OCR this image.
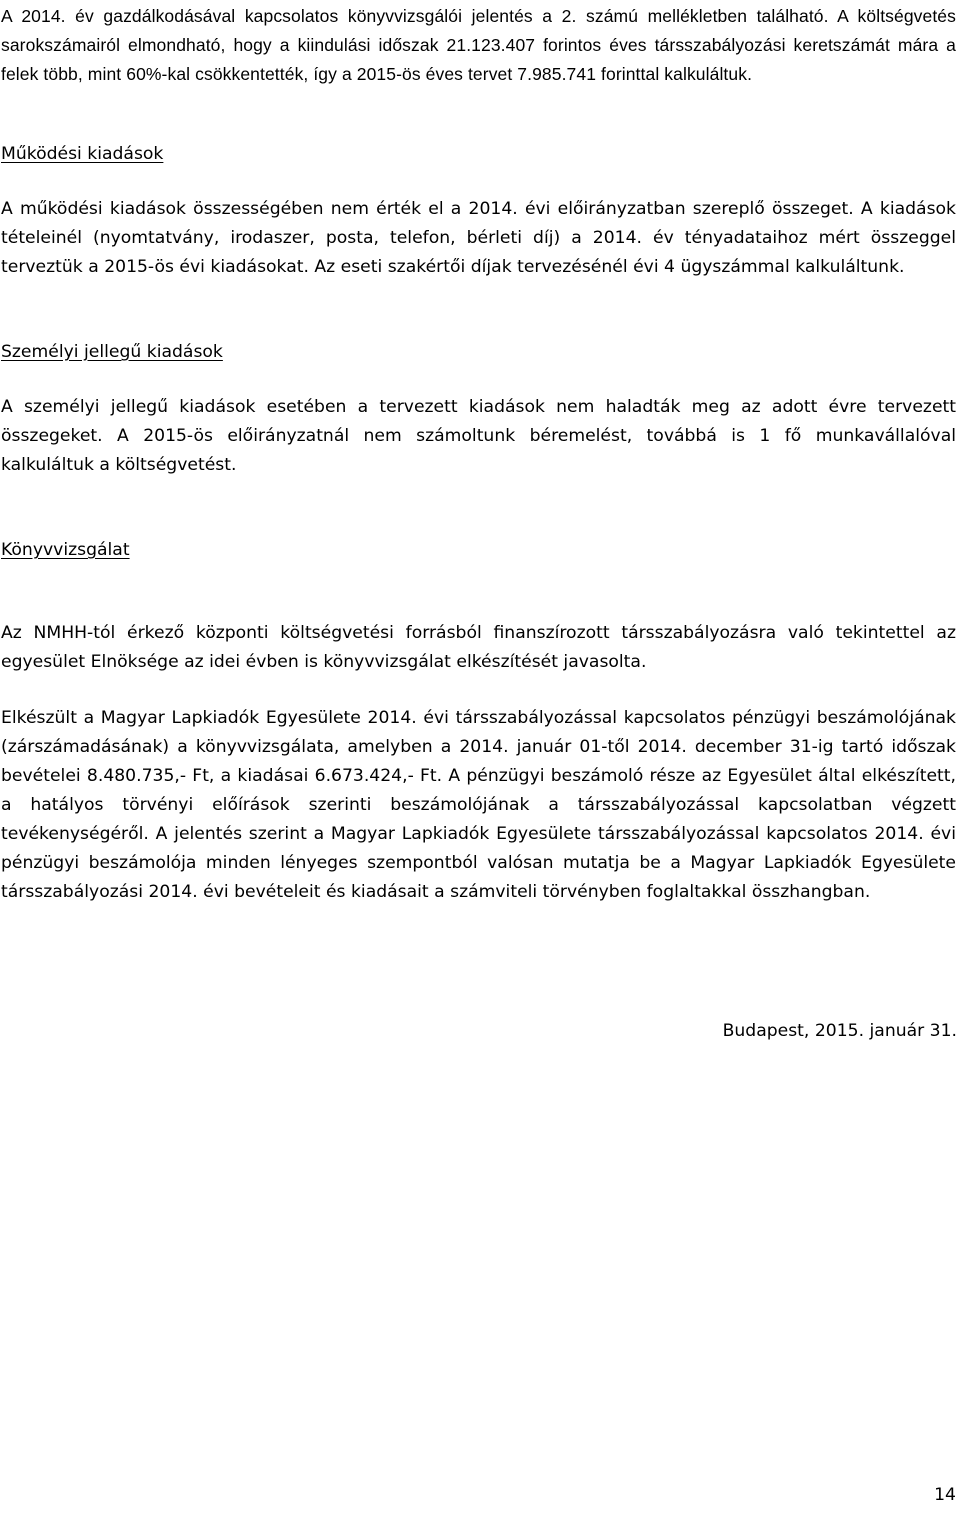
A 2014. év gazdálkodásával kapcsolatos könyvvizsgálói jelentés a 2. számú mellékletben található. A költségvetés sarokszámairól elmondható, hogy a kiindulási időszak 21.123.407 forintos éves társszabályozási keretszámát mára a felek több, mint 60%-kal csökkentették, így a 2015-ös éves tervet 7.985.741 forinttal kalkuláltuk.

Működési kiadások

A működési kiadások összességében nem érték el a 2014. évi előirányzatban szereplő összeget. A kiadások tételeinél (nyomtatvány, irodaszer, posta, telefon, bérleti díj) a 2014. év tényadataihoz mért összeggel terveztük a 2015-ös évi kiadásokat. Az eseti szakértői díjak tervezésénél évi 4 ügyszámmal kalkuláltunk.

Személyi jellegű kiadások

A személyi jellegű kiadások esetében a tervezett kiadások nem haladták meg az adott évre tervezett összegeket. A 2015-ös előirányzatnál nem számoltunk béremelést, továbbá is 1 fő munkavállalóval kalkuláltuk a költségvetést.

Könyvvizsgálat

Az NMHH-tól érkező központi költségvetési forrásból finanszírozott társszabályozásra való tekintettel az egyesület Elnöksége az idei évben is könyvvizsgálat elkészítését javasolta.

Elkészült a Magyar Lapkiadók Egyesülete 2014. évi társszabályozással kapcsolatos pénzügyi beszámolójának (zárszámadásának) a könyvvizsgálata, amelyben a 2014. január 01-től 2014. december 31-ig tartó időszak bevételei 8.480.735,- Ft, a kiadásai 6.673.424,- Ft. A pénzügyi beszámoló része az Egyesület által elkészített, a hatályos törvényi előírások szerinti beszámolójának a társszabályozással kapcsolatban végzett tevékenységéről. A jelentés szerint a Magyar Lapkiadók Egyesülete társszabályozással kapcsolatos 2014. évi pénzügyi beszámolója minden lényeges szempontból valósan mutatja be a Magyar Lapkiadók Egyesülete társszabályozási 2014. évi bevételeit és kiadásait a számviteli törvényben foglaltakkal összhangban.

Budapest, 2015. január 31.

14
